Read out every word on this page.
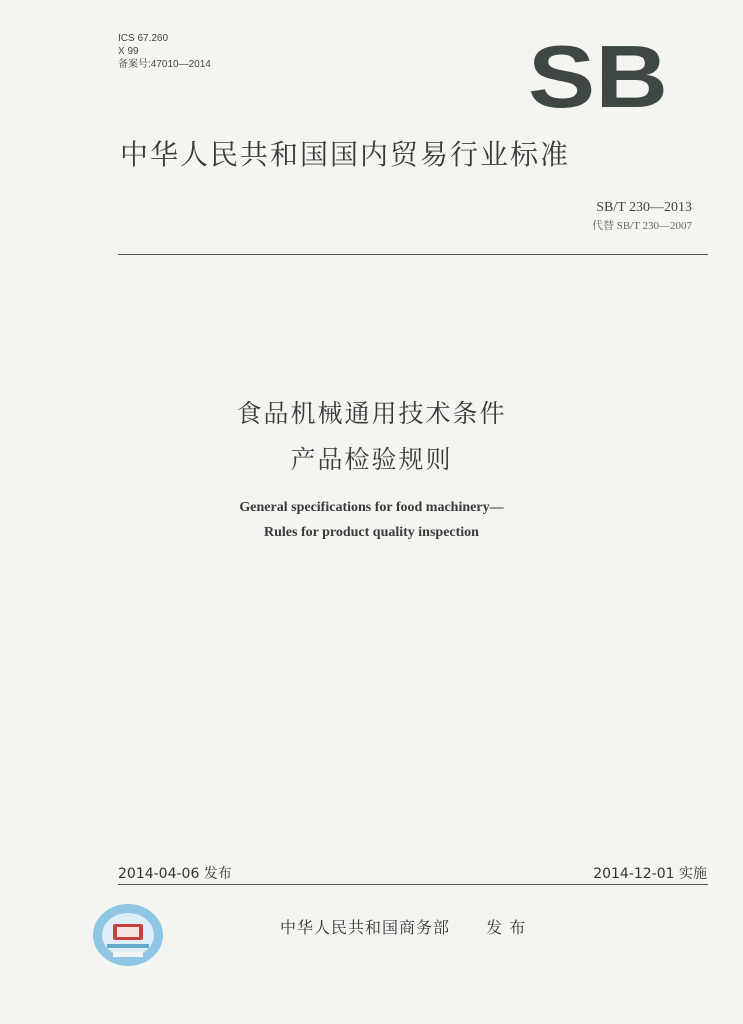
ICS 67.260
X 99
备案号:47010—2014	SB
中华人民共和国国内贸易行业标准
SB/T 230—2013
代替 SB/T 230—2007
食品机械通用技术条件
产品检验规则
General specifications for food machinery—
Rules for product quality inspection
2014-04-06 发布	2014-12-01 实施
中华人民共和国商务部 发 布
